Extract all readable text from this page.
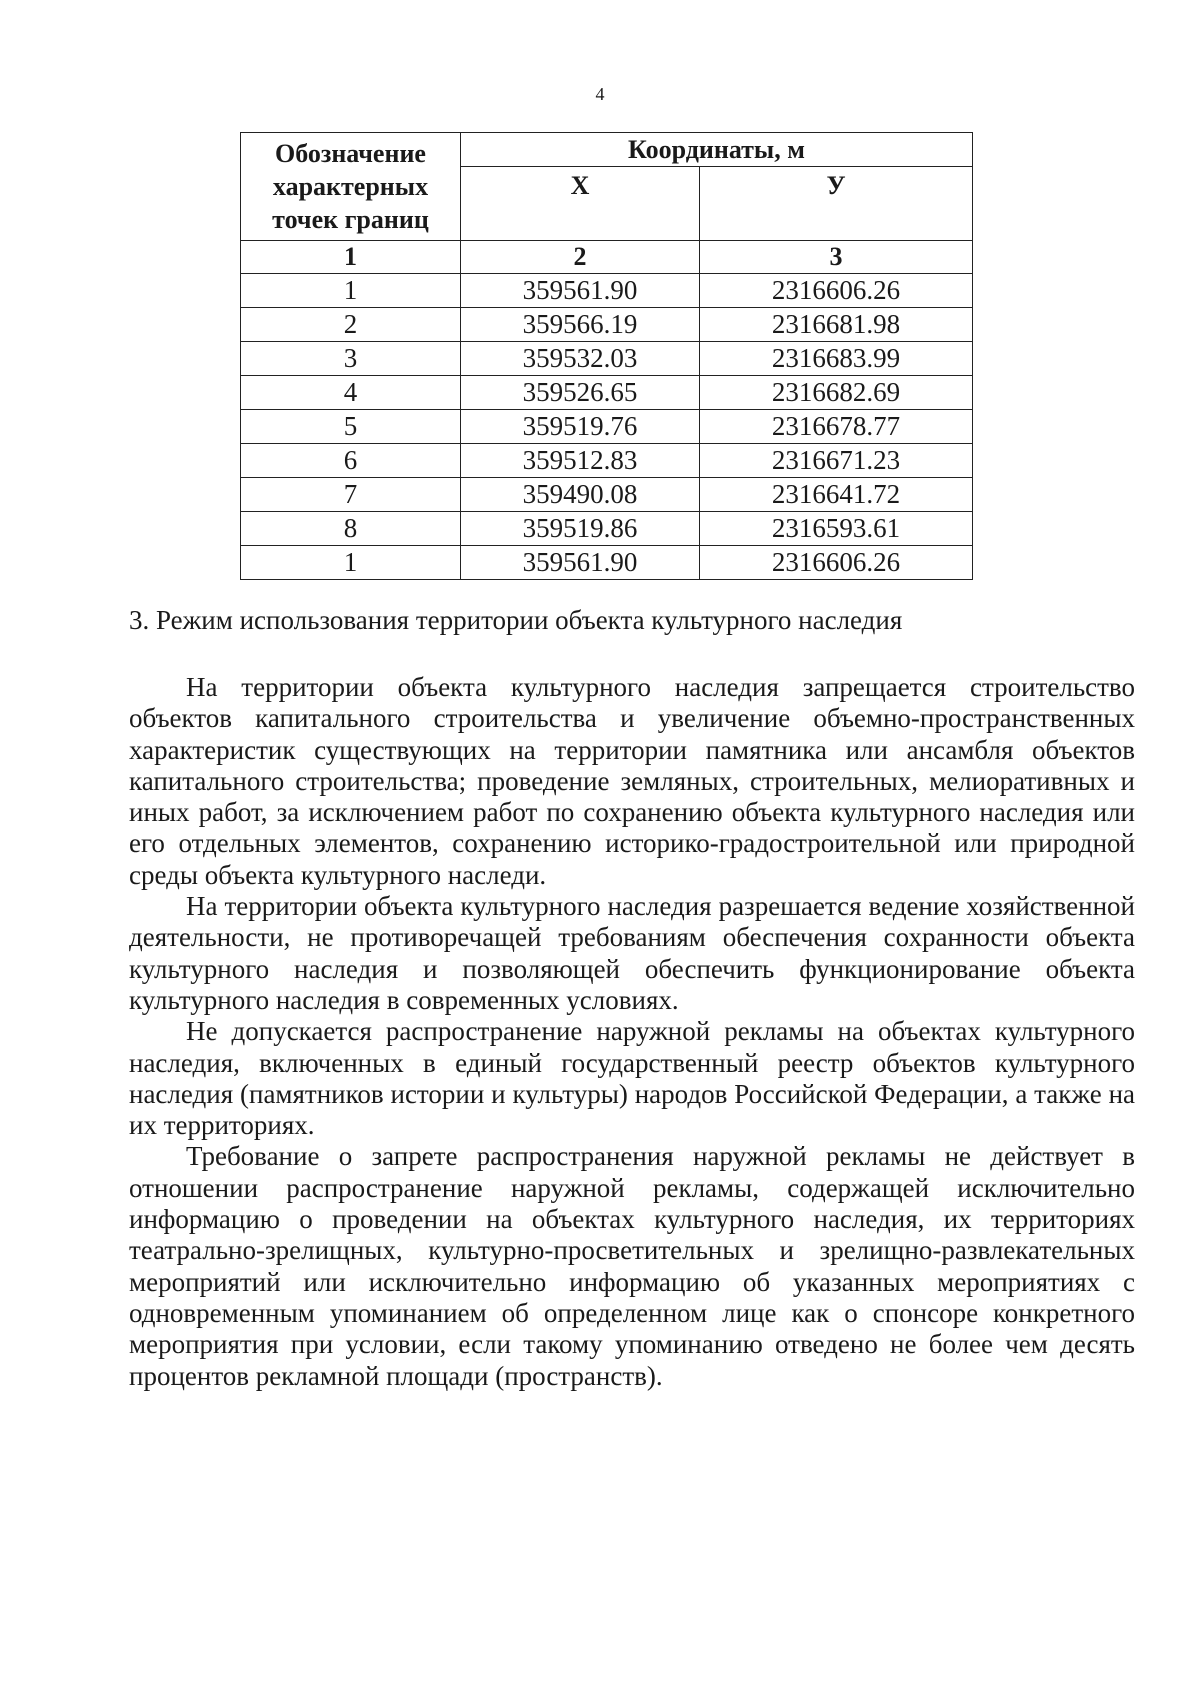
4
Обозначение характерных точек границ	Координаты, м	
	Х	У
1	2	3
1	359561.90	2316606.26
2	359566.19	2316681.98
3	359532.03	2316683.99
4	359526.65	2316682.69
5	359519.76	2316678.77
6	359512.83	2316671.23
7	359490.08	2316641.72
8	359519.86	2316593.61
1	359561.90	2316606.26
3. Режим использования территории объекта культурного наследия

На территории объекта культурного наследия запрещается строительство объектов капитального строительства и увеличение объемно-пространственных характеристик существующих на территории памятника или ансамбля объектов капитального строительства; проведение земляных, строительных, мелиоративных и иных работ, за исключением работ по сохранению объекта культурного наследия или его отдельных элементов, сохранению историко-градостроительной или природной среды объекта культурного наследи.

На территории объекта культурного наследия разрешается ведение хозяйственной деятельности, не противоречащей требованиям обеспечения сохранности объекта культурного наследия и позволяющей обеспечить функционирование объекта культурного наследия в современных условиях.

Не допускается распространение наружной рекламы на объектах культурного наследия, включенных в единый государственный реестр объектов культурного наследия (памятников истории и культуры) народов Российской Федерации, а также на их территориях.

Требование о запрете распространения наружной рекламы не действует в отношении распространение наружной рекламы, содержащей исключительно информацию о проведении на объектах культурного наследия, их территориях театрально-зрелищных, культурно-просветительных и зрелищно-развлекательных мероприятий или исключительно информацию об указанных мероприятиях с одновременным упоминанием об определенном лице как о спонсоре конкретного мероприятия при условии, если такому упоминанию отведено не более чем десять процентов рекламной площади (пространств).
